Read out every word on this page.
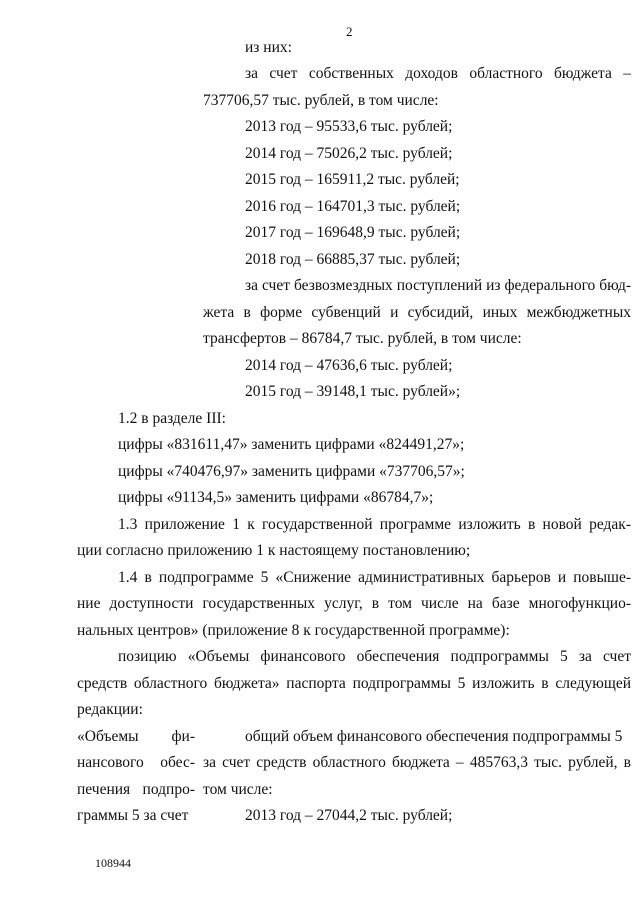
2
из них:
за счет собственных доходов областного бюджета –
737706,57 тыс. рублей, в том числе:
2013 год – 95533,6 тыс. рублей;
2014 год – 75026,2 тыс. рублей;
2015 год – 165911,2 тыс. рублей;
2016 год – 164701,3 тыс. рублей;
2017 год – 169648,9 тыс. рублей;
2018 год – 66885,37 тыс. рублей;
за счет безвозмездных поступлений из федерального бюд-
жета в форме субвенций и субсидий, иных межбюджетных
трансфертов – 86784,7 тыс. рублей, в том числе:
2014 год – 47636,6 тыс. рублей;
2015 год – 39148,1 тыс. рублей»;
1.2 в разделе III:
цифры «831611,47» заменить цифрами «824491,27»;
цифры «740476,97» заменить цифрами «737706,57»;
цифры «91134,5» заменить цифрами «86784,7»;
1.3 приложение 1 к государственной программе изложить в новой редак-
ции согласно приложению 1 к настоящему постановлению;
1.4 в подпрограмме 5 «Снижение административных барьеров и повыше-
ние доступности государственных услуг, в том числе на базе многофункцио-
нальных центров» (приложение 8 к государственной программе):
позицию «Объемы финансового обеспечения подпрограммы 5 за счет
средств областного бюджета» паспорта подпрограммы 5 изложить в следующей
редакции:
«Объемы фи-
нансового обес-
печения подпро-
граммы 5 за счет
общий объем финансового обеспечения подпрограммы 5
за счет средств областного бюджета – 485763,3 тыс. рублей, в
том числе:
2013 год – 27044,2 тыс. рублей;
108944
